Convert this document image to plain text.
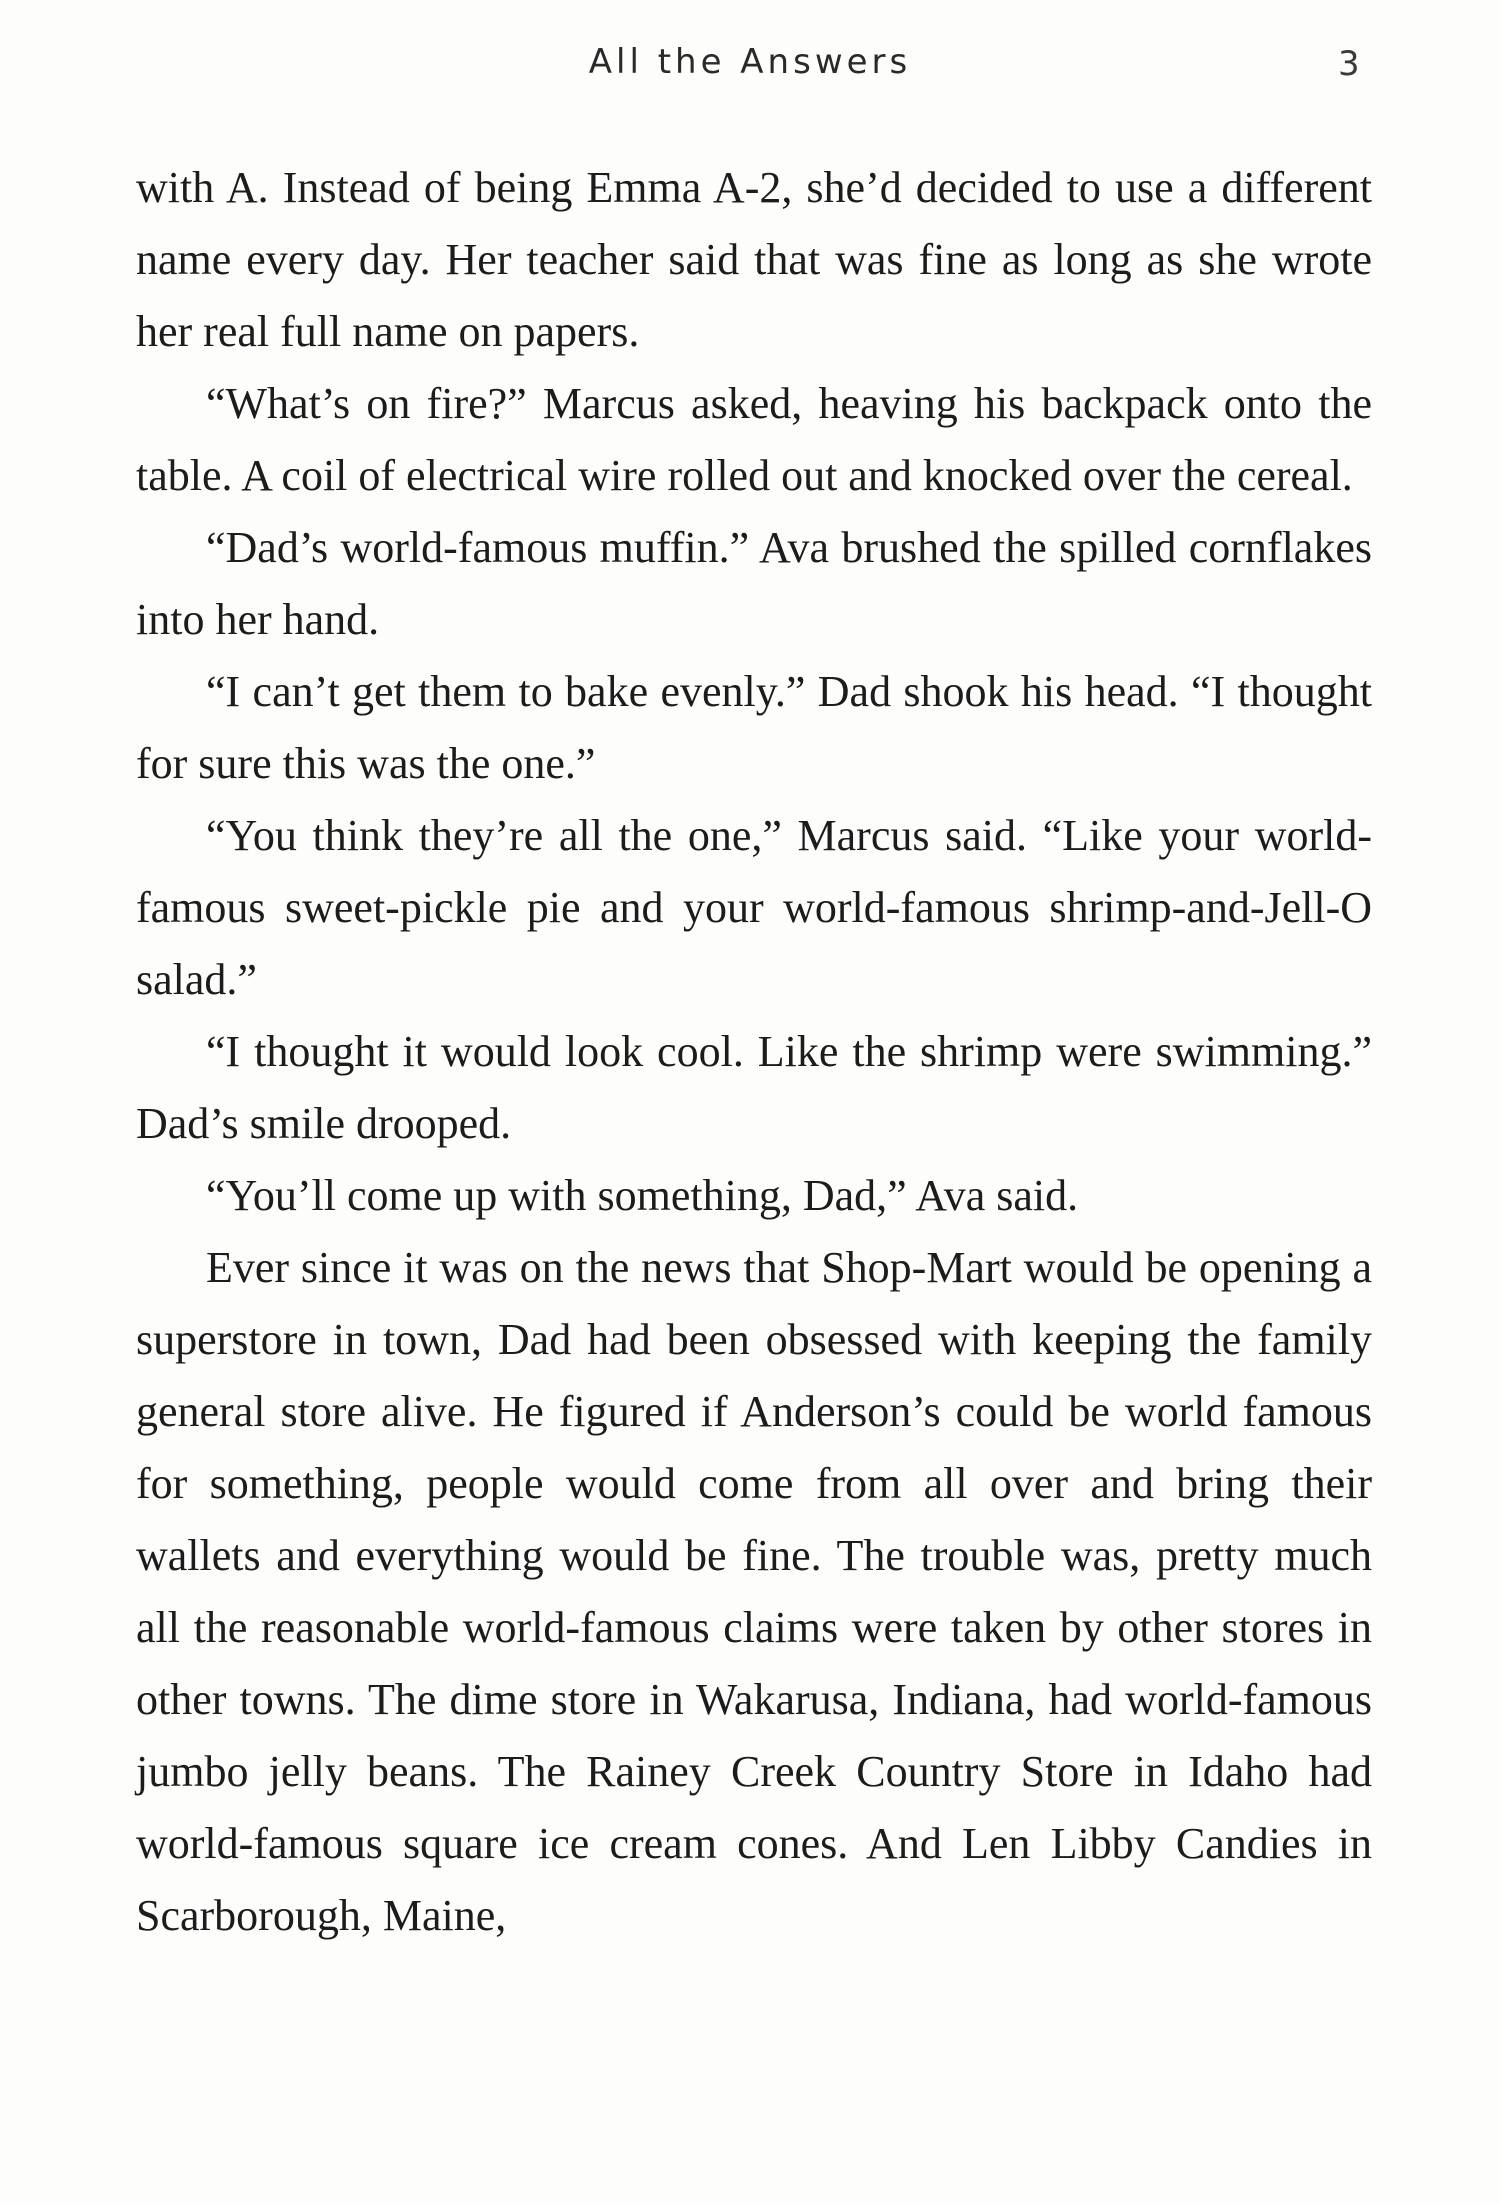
All the Answers	3

with A. Instead of being Emma A-2, she’d decided to use a different name every day. Her teacher said that was fine as long as she wrote her real full name on papers.

“What’s on fire?” Marcus asked, heaving his backpack onto the table. A coil of electrical wire rolled out and knocked over the cereal.

“Dad’s world-famous muffin.” Ava brushed the spilled cornflakes into her hand.

“I can’t get them to bake evenly.” Dad shook his head. “I thought for sure this was the one.”

“You think they’re all the one,” Marcus said. “Like your world-famous sweet-pickle pie and your world-famous shrimp-and-Jell-O salad.”

“I thought it would look cool. Like the shrimp were swimming.” Dad’s smile drooped.

“You’ll come up with something, Dad,” Ava said.

Ever since it was on the news that Shop-Mart would be opening a superstore in town, Dad had been obsessed with keeping the family general store alive. He figured if Anderson’s could be world famous for something, people would come from all over and bring their wallets and everything would be fine. The trouble was, pretty much all the reasonable world-famous claims were taken by other stores in other towns. The dime store in Wakarusa, Indiana, had world-famous jumbo jelly beans. The Rainey Creek Country Store in Idaho had world-famous square ice cream cones. And Len Libby Candies in Scarborough, Maine,
